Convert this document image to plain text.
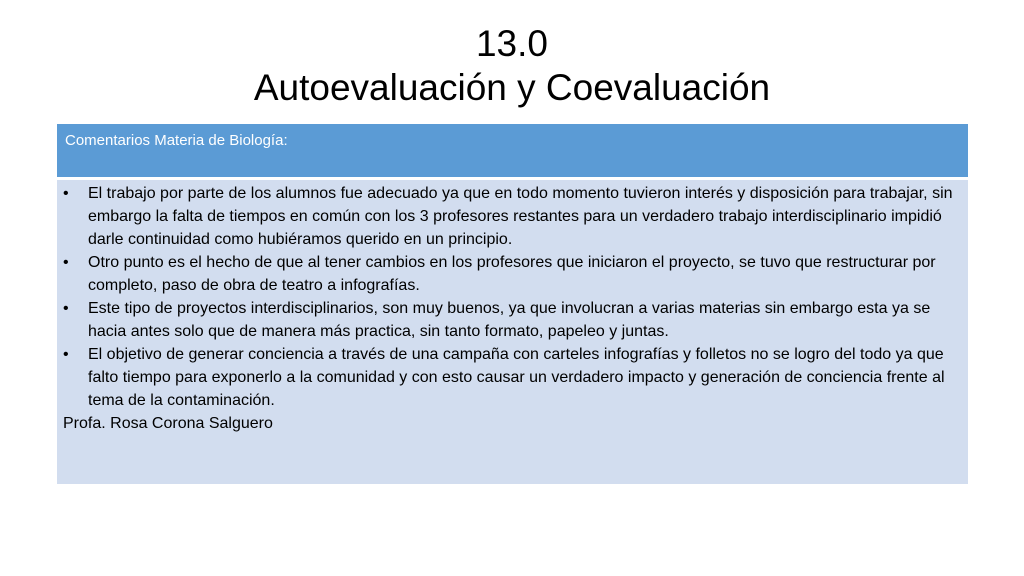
13.0
Autoevaluación y Coevaluación
Comentarios Materia de Biología:
•	El trabajo por parte de los alumnos fue adecuado ya que en todo momento tuvieron interés y disposición para trabajar, sin embargo la falta de tiempos en común con los 3 profesores restantes para un verdadero trabajo interdisciplinario impidió darle continuidad como hubiéramos querido en un principio.
•	Otro punto es el hecho de que al tener cambios en los profesores que iniciaron el proyecto, se tuvo que restructurar por completo, paso de obra de teatro a infografías.
•	Este tipo de proyectos interdisciplinarios, son muy buenos, ya que involucran a varias materias sin embargo esta ya se hacia antes solo que de manera más practica, sin tanto formato, papeleo y juntas.
•	El objetivo de generar conciencia a través de una campaña con carteles infografías y folletos no se logro del todo ya que falto tiempo para exponerlo a la comunidad y con esto causar un verdadero impacto y generación de conciencia frente al tema de la contaminación.

Profa. Rosa Corona Salguero
